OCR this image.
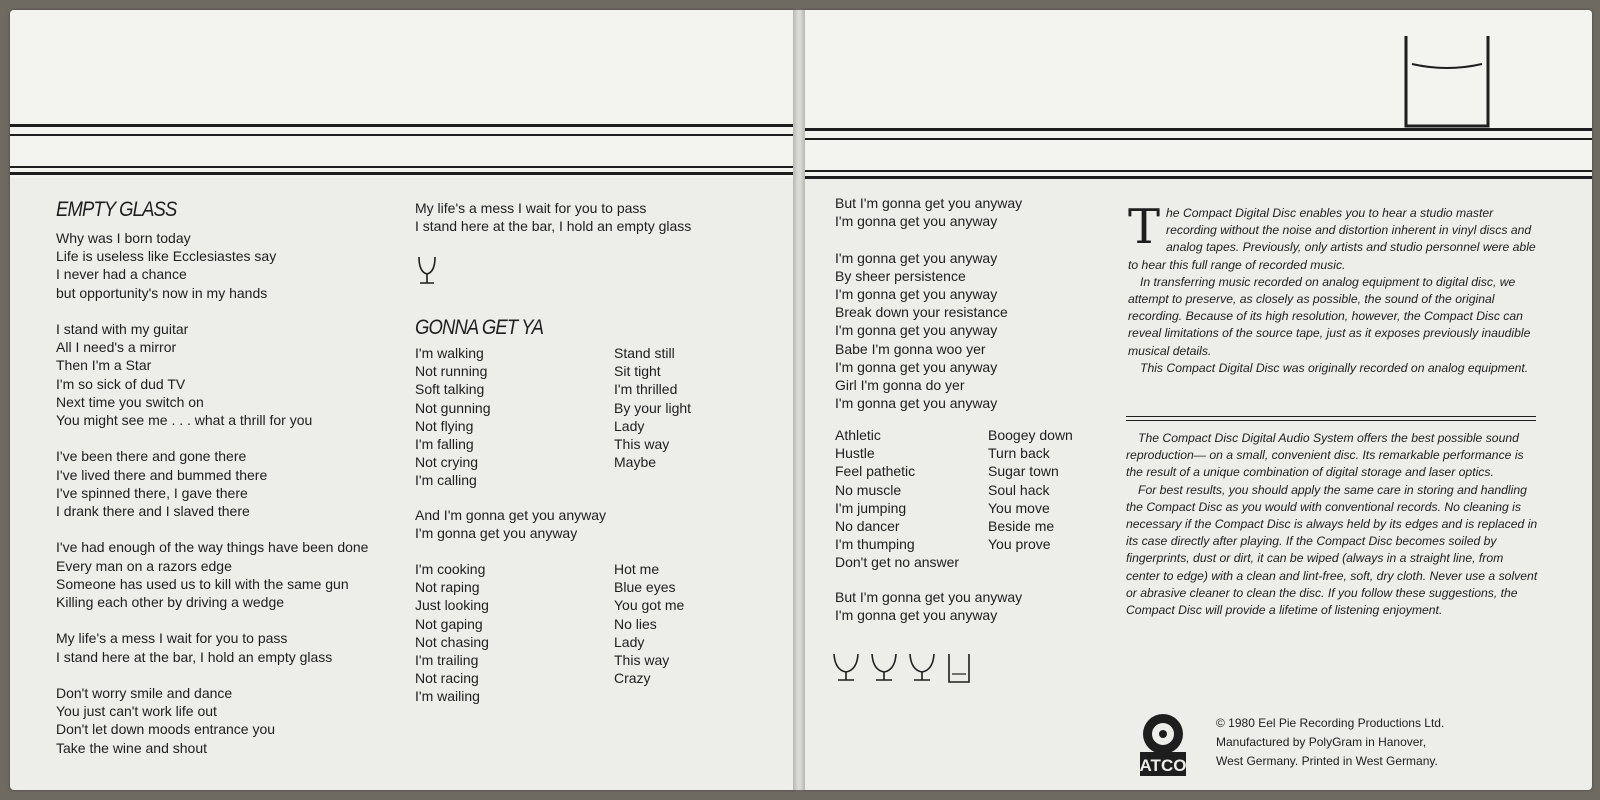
EMPTY GLASS
Why was I born today
Life is useless like Ecclesiastes say
I never had a chance
but opportunity's now in my hands

I stand with my guitar
All I need's a mirror
Then I'm a Star
I'm so sick of dud TV
Next time you switch on
You might see me . . . what a thrill for you

I've been there and gone there
I've lived there and bummed there
I've spinned there, I gave there
I drank there and I slaved there

I've had enough of the way things have been done
Every man on a razors edge
Someone has used us to kill with the same gun
Killing each other by driving a wedge

My life's a mess I wait for you to pass
I stand here at the bar, I hold an empty glass

Don't worry smile and dance
You just can't work life out
Don't let down moods entrance you
Take the wine and shout
My life's a mess I wait for you to pass
I stand here at the bar, I hold an empty glass
GONNA GET YA
I'm walking
Not running
Soft talking
Not gunning
Not flying
I'm falling
Not crying
I'm calling
Stand still
Sit tight
I'm thrilled
By your light
Lady
This way
Maybe
And I'm gonna get you anyway
I'm gonna get you anyway
I'm cooking
Not raping
Just looking
Not gaping
Not chasing
I'm trailing
Not racing
I'm wailing
Hot me
Blue eyes
You got me
No lies
Lady
This way
Crazy
But I'm gonna get you anyway
I'm gonna get you anyway

I'm gonna get you anyway
By sheer persistence
I'm gonna get you anyway
Break down your resistance
I'm gonna get you anyway
Babe I'm gonna woo yer
I'm gonna get you anyway
Girl I'm gonna do yer
I'm gonna get you anyway
Athletic
Hustle
Feel pathetic
No muscle
I'm jumping
No dancer
I'm thumping
Don't get no answer
Boogey down
Turn back
Sugar town
Soul hack
You move
Beside me
You prove
But I'm gonna get you anyway
I'm gonna get you anyway
T he Compact Digital Disc enables you to hear a studio master recording without the noise and distortion inherent in vinyl discs and analog tapes. Previously, only artists and studio personnel were able to hear this full range of recorded music.

In transferring music recorded on analog equipment to digital disc, we attempt to preserve, as closely as possible, the sound of the original recording. Because of its high resolution, however, the Compact Disc can reveal limitations of the source tape, just as it exposes previously inaudible musical details.

This Compact Digital Disc was originally recorded on analog equipment.

The Compact Disc Digital Audio System offers the best possible sound reproduction— on a small, convenient disc. Its remarkable performance is the result of a unique combination of digital storage and laser optics.

For best results, you should apply the same care in storing and handling the Compact Disc as you would with conventional records. No cleaning is necessary if the Compact Disc is always held by its edges and is replaced in its case directly after playing. If the Compact Disc becomes soiled by fingerprints, dust or dirt, it can be wiped (always in a straight line, from center to edge) with a clean and lint-free, soft, dry cloth. Never use a solvent or abrasive cleaner to clean the disc. If you follow these suggestions, the Compact Disc will provide a lifetime of listening enjoyment.

ATCO
© 1980 Eel Pie Recording Productions Ltd.
Manufactured by PolyGram in Hanover,
West Germany. Printed in West Germany.
